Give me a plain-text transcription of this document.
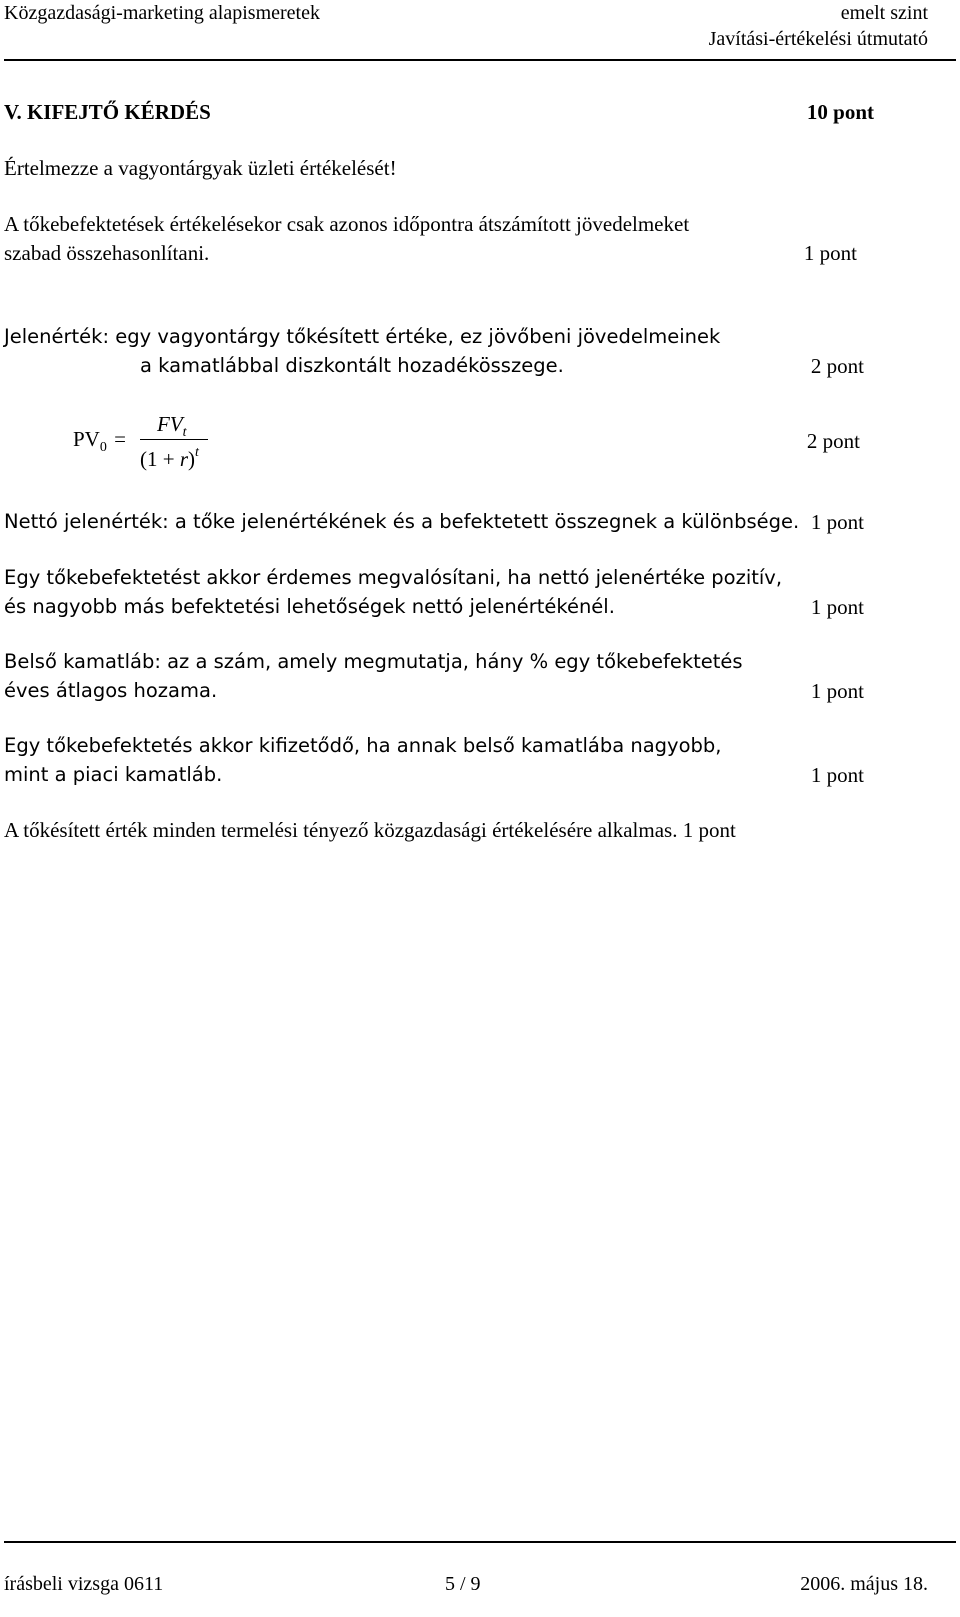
Közgazdasági-marketing alapismeretek	emelt szint
Javítási-értékelési útmutató
V. KIFEJTŐ KÉRDÉS	10 pont
Értelmezze a vagyontárgyak üzleti értékelését!
A tőkebefektetések értékelésekor csak azonos időpontra átszámított jövedelmeket
szabad összehasonlítani.	1 pont
Jelenérték: egy vagyontárgy tőkésített értéke, ez jövőbeni jövedelmeinek
a kamatlábbal diszkontált hozadékösszege.	2 pont
$PV_0$ =
$FV_t$
$(1 + r)^t$	2 pont
Nettó jelenérték: a tőke jelenértékének és a befektetett összegnek a különbsége. 1 pont
Egy tőkebefektetést akkor érdemes megvalósítani, ha nettó jelenértéke pozitív,
és nagyobb más befektetési lehetőségek nettó jelenértékénél.	1 pont
Belső kamatláb: az a szám, amely megmutatja, hány % egy tőkebefektetés
éves átlagos hozama.	1 pont
Egy tőkebefektetés akkor kifizetődő, ha annak belső kamatlába nagyobb,
mint a piaci kamatláb.	1 pont
A tőkésített érték minden termelési tényező közgazdasági értékelésére alkalmas. 1 pont
írásbeli vizsga 0611	5 / 9	2006. május 18.
